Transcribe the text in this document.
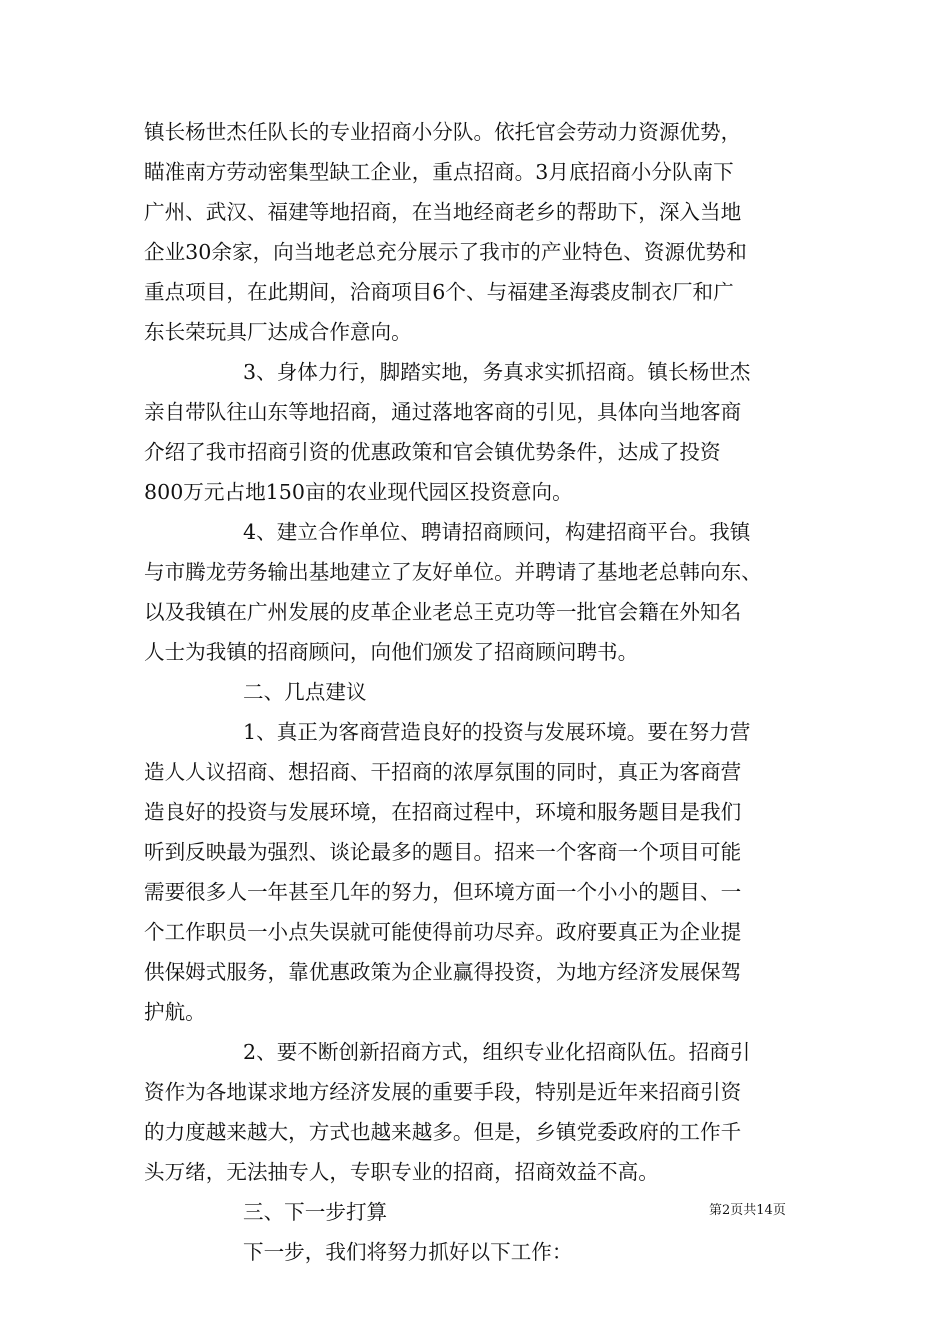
镇长杨世杰任队长的专业招商小分队。依托官会劳动力资源优势，
瞄准南方劳动密集型缺工企业，重点招商。3月底招商小分队南下
广州、武汉、福建等地招商，在当地经商老乡的帮助下，深入当地
企业30余家，向当地老总充分展示了我市的产业特色、资源优势和
重点项目，在此期间，洽商项目6个、与福建圣海裘皮制衣厂和广
东长荣玩具厂达成合作意向。
3、身体力行，脚踏实地，务真求实抓招商。镇长杨世杰
亲自带队往山东等地招商，通过落地客商的引见，具体向当地客商
介绍了我市招商引资的优惠政策和官会镇优势条件，达成了投资
800万元占地150亩的农业现代园区投资意向。
4、建立合作单位、聘请招商顾问，构建招商平台。我镇
与市腾龙劳务输出基地建立了友好单位。并聘请了基地老总韩向东、
以及我镇在广州发展的皮革企业老总王克功等一批官会籍在外知名
人士为我镇的招商顾问，向他们颁发了招商顾问聘书。
二、几点建议
1、真正为客商营造良好的投资与发展环境。要在努力营
造人人议招商、想招商、干招商的浓厚氛围的同时，真正为客商营
造良好的投资与发展环境，在招商过程中，环境和服务题目是我们
听到反映最为强烈、谈论最多的题目。招来一个客商一个项目可能
需要很多人一年甚至几年的努力，但环境方面一个小小的题目、一
个工作职员一小点失误就可能使得前功尽弃。政府要真正为企业提
供保姆式服务，靠优惠政策为企业赢得投资，为地方经济发展保驾
护航。
2、要不断创新招商方式，组织专业化招商队伍。招商引
资作为各地谋求地方经济发展的重要手段，特别是近年来招商引资
的力度越来越大，方式也越来越多。但是，乡镇党委政府的工作千
头万绪，无法抽专人，专职专业的招商，招商效益不高。
三、下一步打算
下一步，我们将努力抓好以下工作：
第2页共14页
